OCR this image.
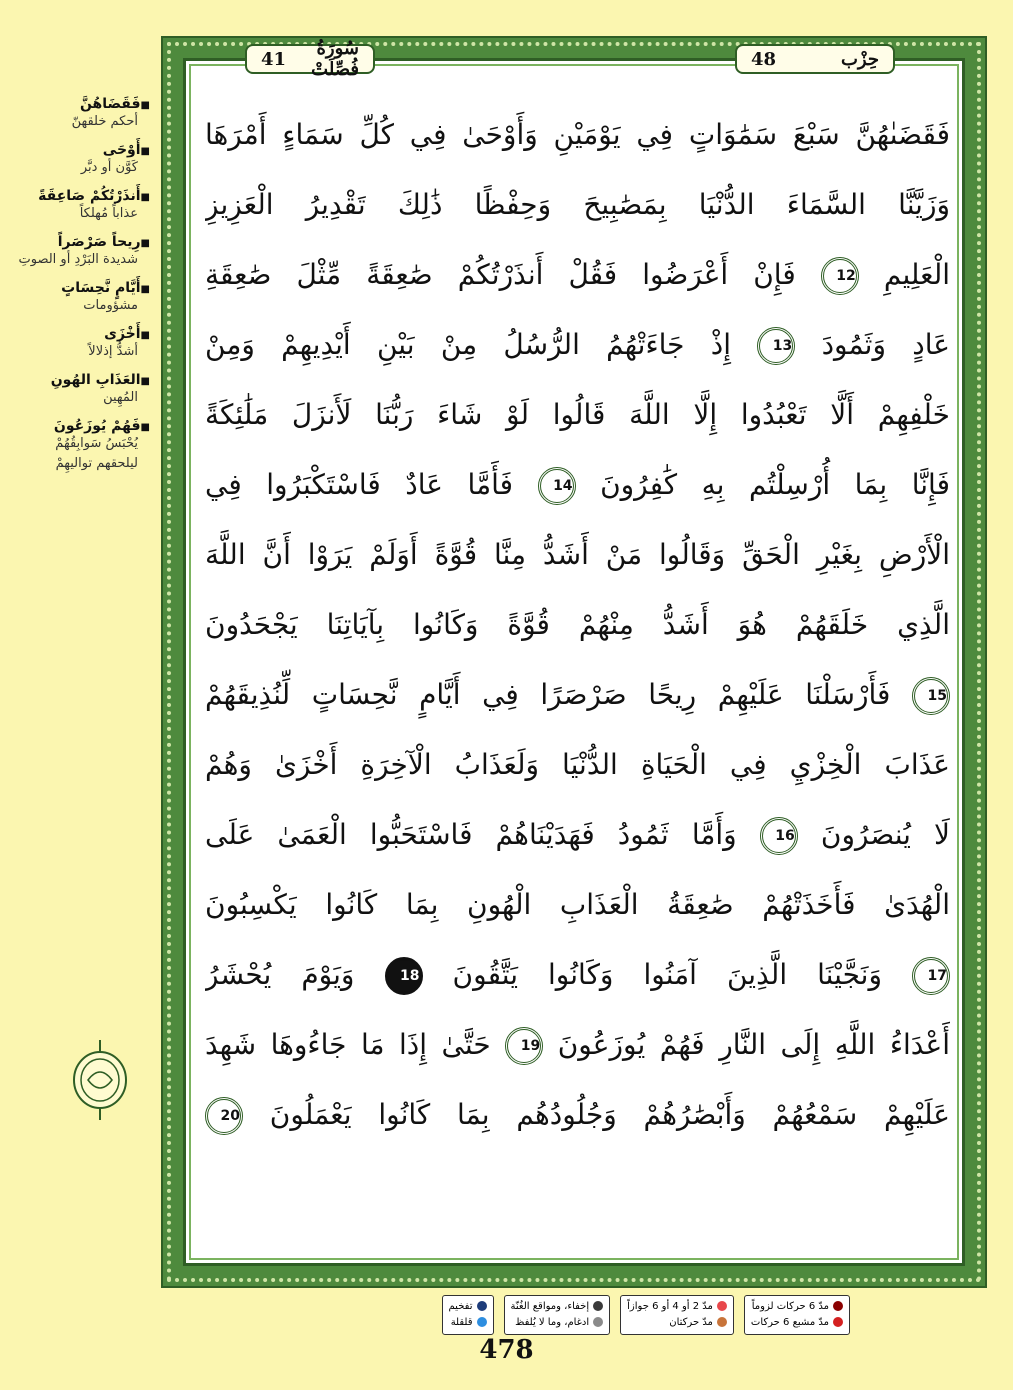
سُورَةُ فُصِّلَتْ
41	حِزْب
48
فَقَضَىٰهُنَّ سَبْعَ سَمَٰوَاتٍ فِي يَوْمَيْنِ وَأَوْحَىٰ فِي كُلِّ سَمَاءٍ أَمْرَهَا
وَزَيَّنَّا السَّمَاءَ الدُّنْيَا بِمَصَٰبِيحَ وَحِفْظًا ذَٰلِكَ تَقْدِيرُ الْعَزِيزِ
الْعَلِيمِ 12 فَإِنْ أَعْرَضُوا فَقُلْ أَنذَرْتُكُمْ صَٰعِقَةً مِّثْلَ صَٰعِقَةِ
عَادٍ وَثَمُودَ 13 إِذْ جَاءَتْهُمُ الرُّسُلُ مِنْ بَيْنِ أَيْدِيهِمْ وَمِنْ
خَلْفِهِمْ أَلَّا تَعْبُدُوا إِلَّا اللَّهَ قَالُوا لَوْ شَاءَ رَبُّنَا لَأَنزَلَ مَلَٰئِكَةً
فَإِنَّا بِمَا أُرْسِلْتُم بِهِ كَٰفِرُونَ 14 فَأَمَّا عَادٌ فَاسْتَكْبَرُوا فِي
الْأَرْضِ بِغَيْرِ الْحَقِّ وَقَالُوا مَنْ أَشَدُّ مِنَّا قُوَّةً أَوَلَمْ يَرَوْا أَنَّ اللَّهَ
الَّذِي خَلَقَهُمْ هُوَ أَشَدُّ مِنْهُمْ قُوَّةً وَكَانُوا بِآيَاتِنَا يَجْحَدُونَ
15 فَأَرْسَلْنَا عَلَيْهِمْ رِيحًا صَرْصَرًا فِي أَيَّامٍ نَّحِسَاتٍ لِّنُذِيقَهُمْ
عَذَابَ الْخِزْيِ فِي الْحَيَاةِ الدُّنْيَا وَلَعَذَابُ الْآخِرَةِ أَخْزَىٰ وَهُمْ
لَا يُنصَرُونَ 16 وَأَمَّا ثَمُودُ فَهَدَيْنَاهُمْ فَاسْتَحَبُّوا الْعَمَىٰ عَلَى
الْهُدَىٰ فَأَخَذَتْهُمْ صَٰعِقَةُ الْعَذَابِ الْهُونِ بِمَا كَانُوا يَكْسِبُونَ
17 وَنَجَّيْنَا الَّذِينَ آمَنُوا وَكَانُوا يَتَّقُونَ 18 وَيَوْمَ يُحْشَرُ
أَعْدَاءُ اللَّهِ إِلَى النَّارِ فَهُمْ يُوزَعُونَ 19 حَتَّىٰ إِذَا مَا جَاءُوهَا شَهِدَ
عَلَيْهِمْ سَمْعُهُمْ وَأَبْصَٰرُهُمْ وَجُلُودُهُم بِمَا كَانُوا يَعْمَلُونَ 20
■ فَقَضَاهُنَّ
أحكم خلقهنّ
■ أَوْحَى
كَوَّن أو دبَّر
■ أَنذَرْتُكُمْ صَاعِقَةً
عذاباً مُهلكاً
■ رِيحاً صَرْصَراً
شديدة البَرْدِ أو الصوتِ
■ أَيَّامٍ نَّحِسَاتٍ
مشؤومات
■ أَخْزَى
أشدُّ إذلالاً
■ العَذَابِ الهُونِ
المُهِين
■ فَهُمْ يُوزَعُونَ
يُحْبَسُ سَوابِقُهُمْ ليلحقهم تواليهِمْ
مدّ 6 حركات لزوماً
مدّ مشبع 6 حركات
مدّ 2 أو 4 أو 6 جوازاً
مدّ حركتان
إخفاء، ومواقع الغُنّة
ادغام، وما لا يُلفظ
تفخيم
قلقلة
478
